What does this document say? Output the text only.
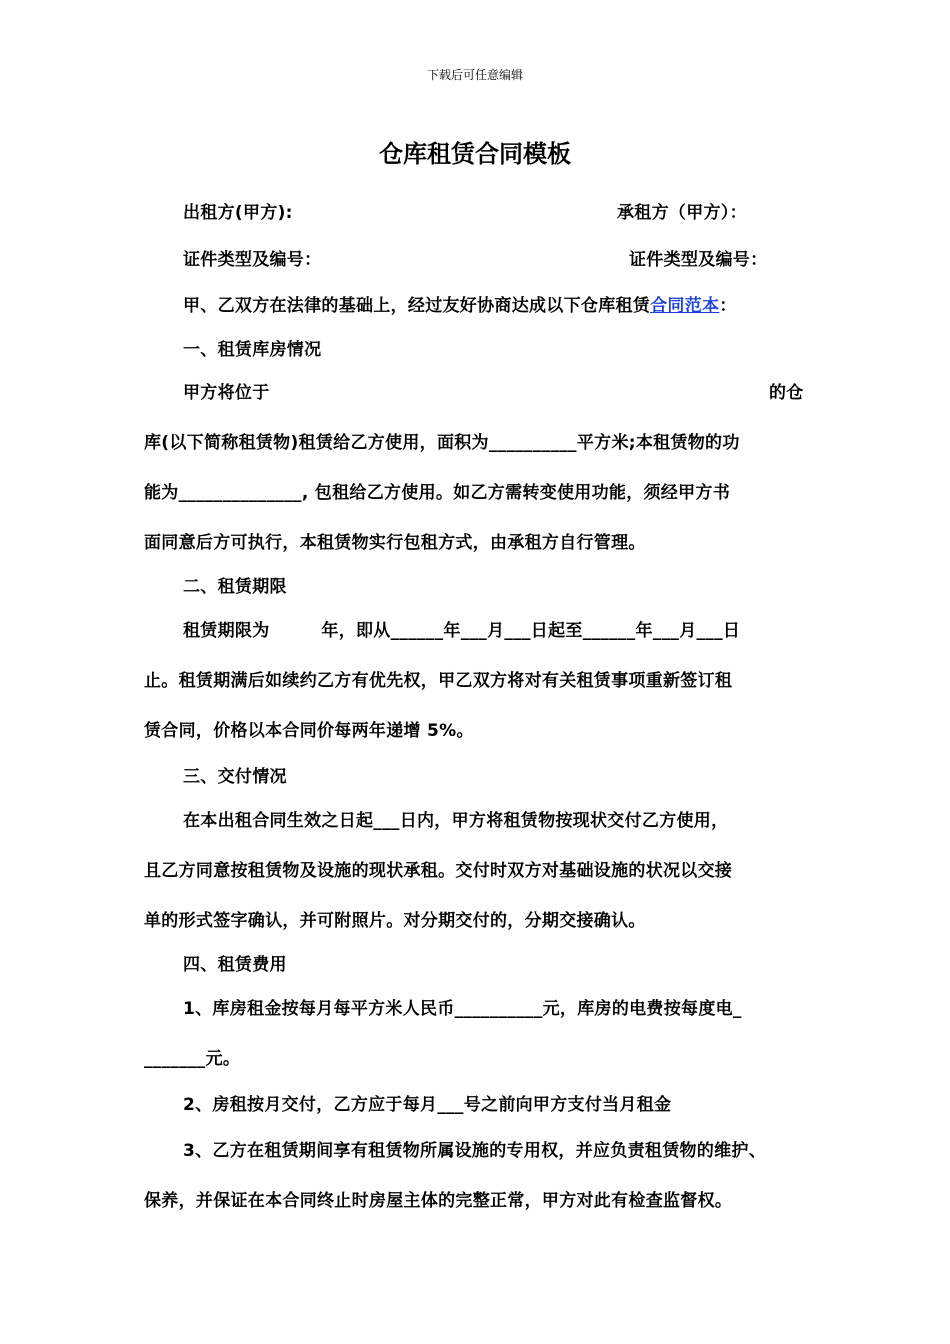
下载后可任意编辑
仓库租赁合同模板
出租方(甲方):	承租方（甲方）：
证件类型及编号：	证件类型及编号：
甲、乙双方在法律的基础上，经过友好协商达成以下仓库租赁合同范本：
一、租赁库房情况
甲方将位于	的仓
库(以下简称租赁物)租赁给乙方使用，面积为__________平方米;本租赁物的功
能为______________, 包租给乙方使用。如乙方需转变使用功能，须经甲方书
面同意后方可执行，本租赁物实行包租方式，由承租方自行管理。
二、租赁期限
租赁期限为　　　年，即从______年___月___日起至______年___月___日
止。租赁期满后如续约乙方有优先权，甲乙双方将对有关租赁事项重新签订租
赁合同，价格以本合同价每两年递增 5%。
三、交付情况
在本出租合同生效之日起___日内，甲方将租赁物按现状交付乙方使用，
且乙方同意按租赁物及设施的现状承租。交付时双方对基础设施的状况以交接
单的形式签字确认，并可附照片。对分期交付的，分期交接确认。
四、租赁费用
1、库房租金按每月每平方米人民币__________元，库房的电费按每度电_
_______元。
2、房租按月交付，乙方应于每月___号之前向甲方支付当月租金
3、乙方在租赁期间享有租赁物所属设施的专用权，并应负责租赁物的维护、
保养，并保证在本合同终止时房屋主体的完整正常，甲方对此有检查监督权。
